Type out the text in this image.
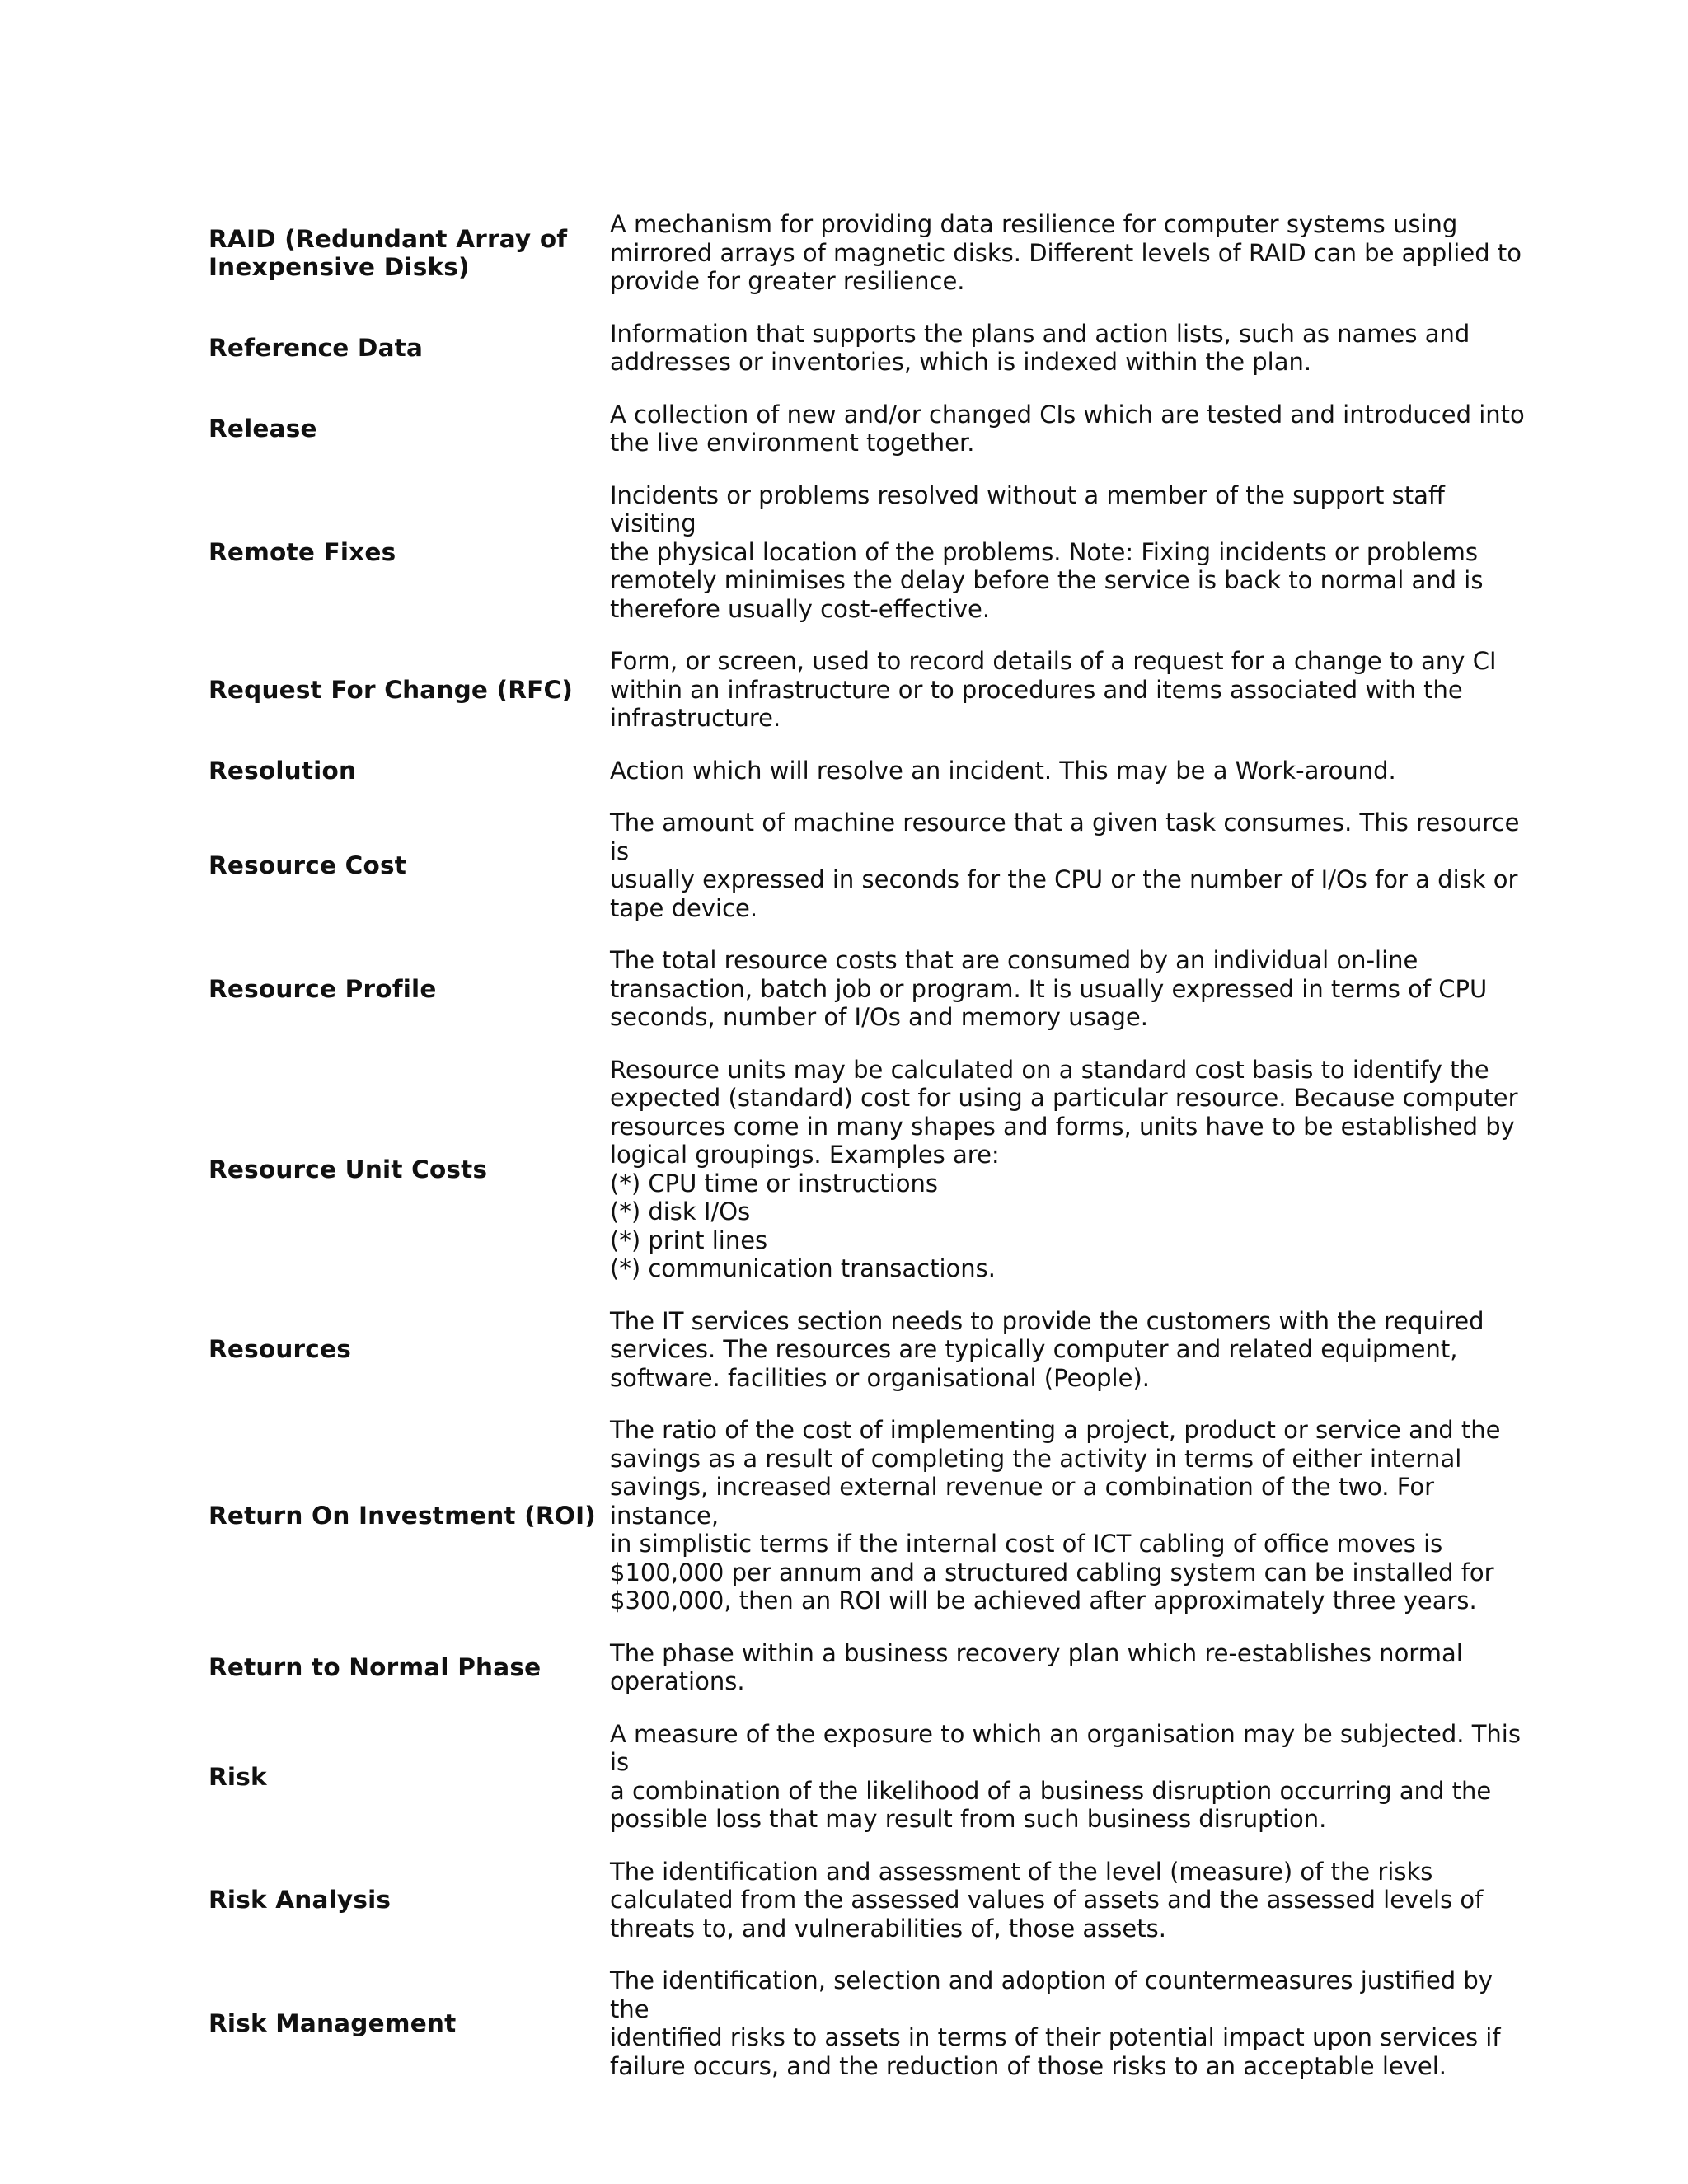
RAID (Redundant Array of Inexpensive Disks)
A mechanism for providing data resilience for computer systems using
mirrored arrays of magnetic disks. Different levels of RAID can be applied to
provide for greater resilience.
Reference Data
Information that supports the plans and action lists, such as names and
addresses or inventories, which is indexed within the plan.
Release
A collection of new and/or changed CIs which are tested and introduced into
the live environment together.
Remote Fixes
Incidents or problems resolved without a member of the support staff visiting
the physical location of the problems. Note: Fixing incidents or problems
remotely minimises the delay before the service is back to normal and is
therefore usually cost-effective.
Request For Change (RFC)
Form, or screen, used to record details of a request for a change to any CI
within an infrastructure or to procedures and items associated with the
infrastructure.
Resolution	Action which will resolve an incident. This may be a Work-around.
Resource Cost
The amount of machine resource that a given task consumes. This resource is
usually expressed in seconds for the CPU or the number of I/Os for a disk or
tape device.
Resource Profile
The total resource costs that are consumed by an individual on-line
transaction, batch job or program. It is usually expressed in terms of CPU
seconds, number of I/Os and memory usage.
Resource Unit Costs
Resource units may be calculated on a standard cost basis to identify the
expected (standard) cost for using a particular resource. Because computer
resources come in many shapes and forms, units have to be established by
logical groupings. Examples are:
(*) CPU time or instructions
(*) disk I/Os
(*) print lines
(*) communication transactions.
Resources
The IT services section needs to provide the customers with the required
services. The resources are typically computer and related equipment,
software. facilities or organisational (People).
Return On Investment (ROI)
The ratio of the cost of implementing a project, product or service and the
savings as a result of completing the activity in terms of either internal
savings, increased external revenue or a combination of the two. For instance,
in simplistic terms if the internal cost of ICT cabling of office moves is
$100,000 per annum and a structured cabling system can be installed for
$300,000, then an ROI will be achieved after approximately three years.
Return to Normal Phase
The phase within a business recovery plan which re-establishes normal
operations.
Risk
A measure of the exposure to which an organisation may be subjected. This is
a combination of the likelihood of a business disruption occurring and the
possible loss that may result from such business disruption.
Risk Analysis
The identification and assessment of the level (measure) of the risks
calculated from the assessed values of assets and the assessed levels of
threats to, and vulnerabilities of, those assets.
Risk Management
The identification, selection and adoption of countermeasures justified by the
identified risks to assets in terms of their potential impact upon services if
failure occurs, and the reduction of those risks to an acceptable level.
